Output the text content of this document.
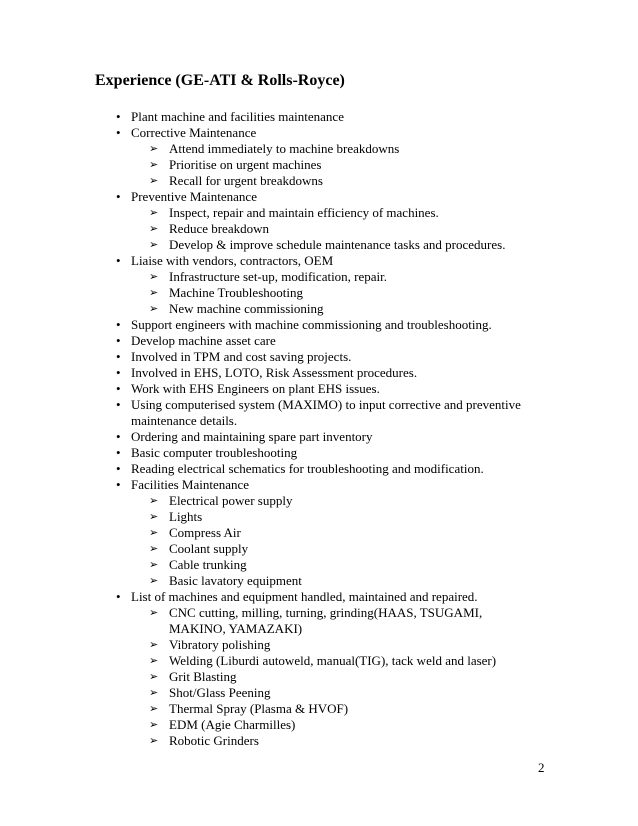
Experience (GE-ATI & Rolls-Royce)
• Plant machine and facilities maintenance
• Corrective Maintenance
➢ Attend immediately to machine breakdowns
➢ Prioritise on urgent machines
➢ Recall for urgent breakdowns
• Preventive Maintenance
➢ Inspect, repair and maintain efficiency of machines.
➢ Reduce breakdown
➢ Develop & improve schedule maintenance tasks and procedures.
• Liaise with vendors, contractors, OEM
➢ Infrastructure set-up, modification, repair.
➢ Machine Troubleshooting
➢ New machine commissioning
• Support engineers with machine commissioning and troubleshooting.
• Develop machine asset care
• Involved in TPM and cost saving projects.
• Involved in EHS, LOTO, Risk Assessment procedures.
• Work with EHS Engineers on plant EHS issues.
• Using computerised system (MAXIMO) to input corrective and preventive maintenance details.
• Ordering and maintaining spare part inventory
• Basic computer troubleshooting
• Reading electrical schematics for troubleshooting and modification.
• Facilities Maintenance
➢ Electrical power supply
➢ Lights
➢ Compress Air
➢ Coolant supply
➢ Cable trunking
➢ Basic lavatory equipment
• List of machines and equipment handled, maintained and repaired.
➢ CNC cutting, milling, turning, grinding(HAAS, TSUGAMI, MAKINO, YAMAZAKI)
➢ Vibratory polishing
➢ Welding (Liburdi autoweld, manual(TIG), tack weld and laser)
➢ Grit Blasting
➢ Shot/Glass Peening
➢ Thermal Spray (Plasma & HVOF)
➢ EDM (Agie Charmilles)
➢ Robotic Grinders
2
